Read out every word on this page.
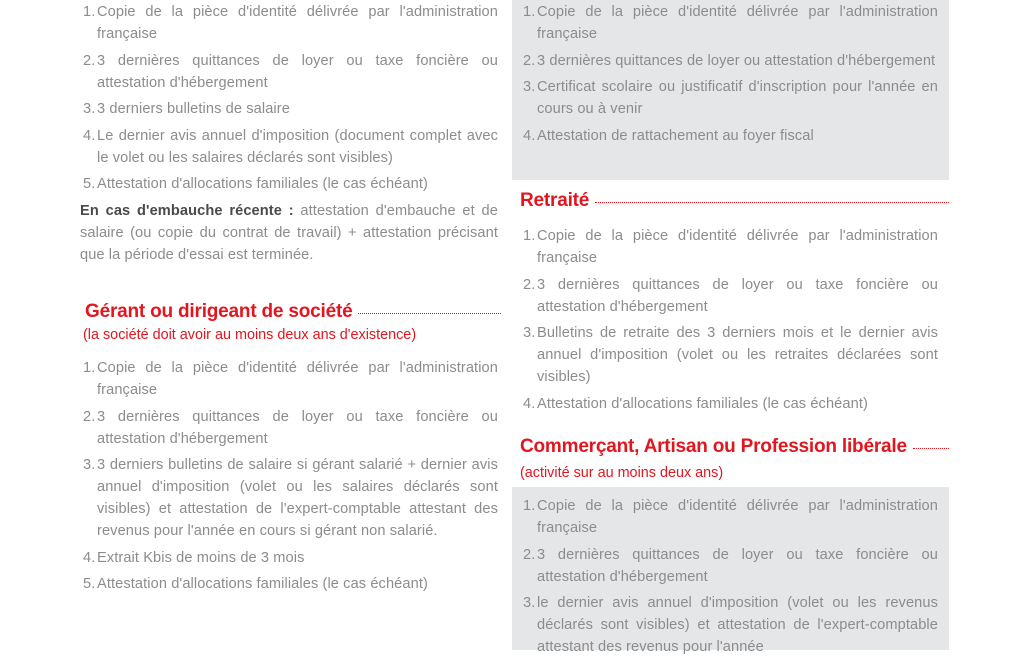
1. Copie de la pièce d'identité délivrée par l'administration française
2. 3 dernières quittances de loyer ou taxe foncière ou attestation d'hébergement
3. 3 derniers bulletins de salaire
4. Le dernier avis annuel d'imposition (document complet avec le volet ou les salaires déclarés sont visibles)
5. Attestation d'allocations familiales (le cas échéant)
En cas d'embauche récente : attestation d'embauche et de salaire (ou copie du contrat de travail) + attestation précisant que la période d'essai est terminée.
Gérant ou dirigeant de société
(la société doit avoir au moins deux ans d'existence)
1. Copie de la pièce d'identité délivrée par l'administration française
2. 3 dernières quittances de loyer ou taxe foncière ou attestation d'hébergement
3. 3 derniers bulletins de salaire si gérant salarié + dernier avis annuel d'imposition (volet ou les salaires déclarés sont visibles) et attestation de l'expert-comptable attestant des revenus pour l'année en cours si gérant non salarié.
4. Extrait Kbis de moins de 3 mois
5. Attestation d'allocations familiales (le cas échéant)
1. Copie de la pièce d'identité délivrée par l'administration française
2. 3 dernières quittances de loyer ou attestation d'hébergement
3. Certificat scolaire ou justificatif d'inscription pour l'année en cours ou à venir
4. Attestation de rattachement au foyer fiscal
Retraité
1. Copie de la pièce d'identité délivrée par l'administration française
2. 3 dernières quittances de loyer ou taxe foncière ou attestation d'hébergement
3. Bulletins de retraite des 3 derniers mois et le dernier avis annuel d'imposition (volet ou les retraites déclarées sont visibles)
4. Attestation d'allocations familiales (le cas échéant)
Commerçant, Artisan ou Profession libérale
(activité sur au moins deux ans)
1. Copie de la pièce d'identité délivrée par l'administration française
2. 3 dernières quittances de loyer ou taxe foncière ou attestation d'hébergement
3. le dernier avis annuel d'imposition (volet ou les revenus déclarés sont visibles) et attestation de l'expert-comptable attestant des revenus pour l'année
